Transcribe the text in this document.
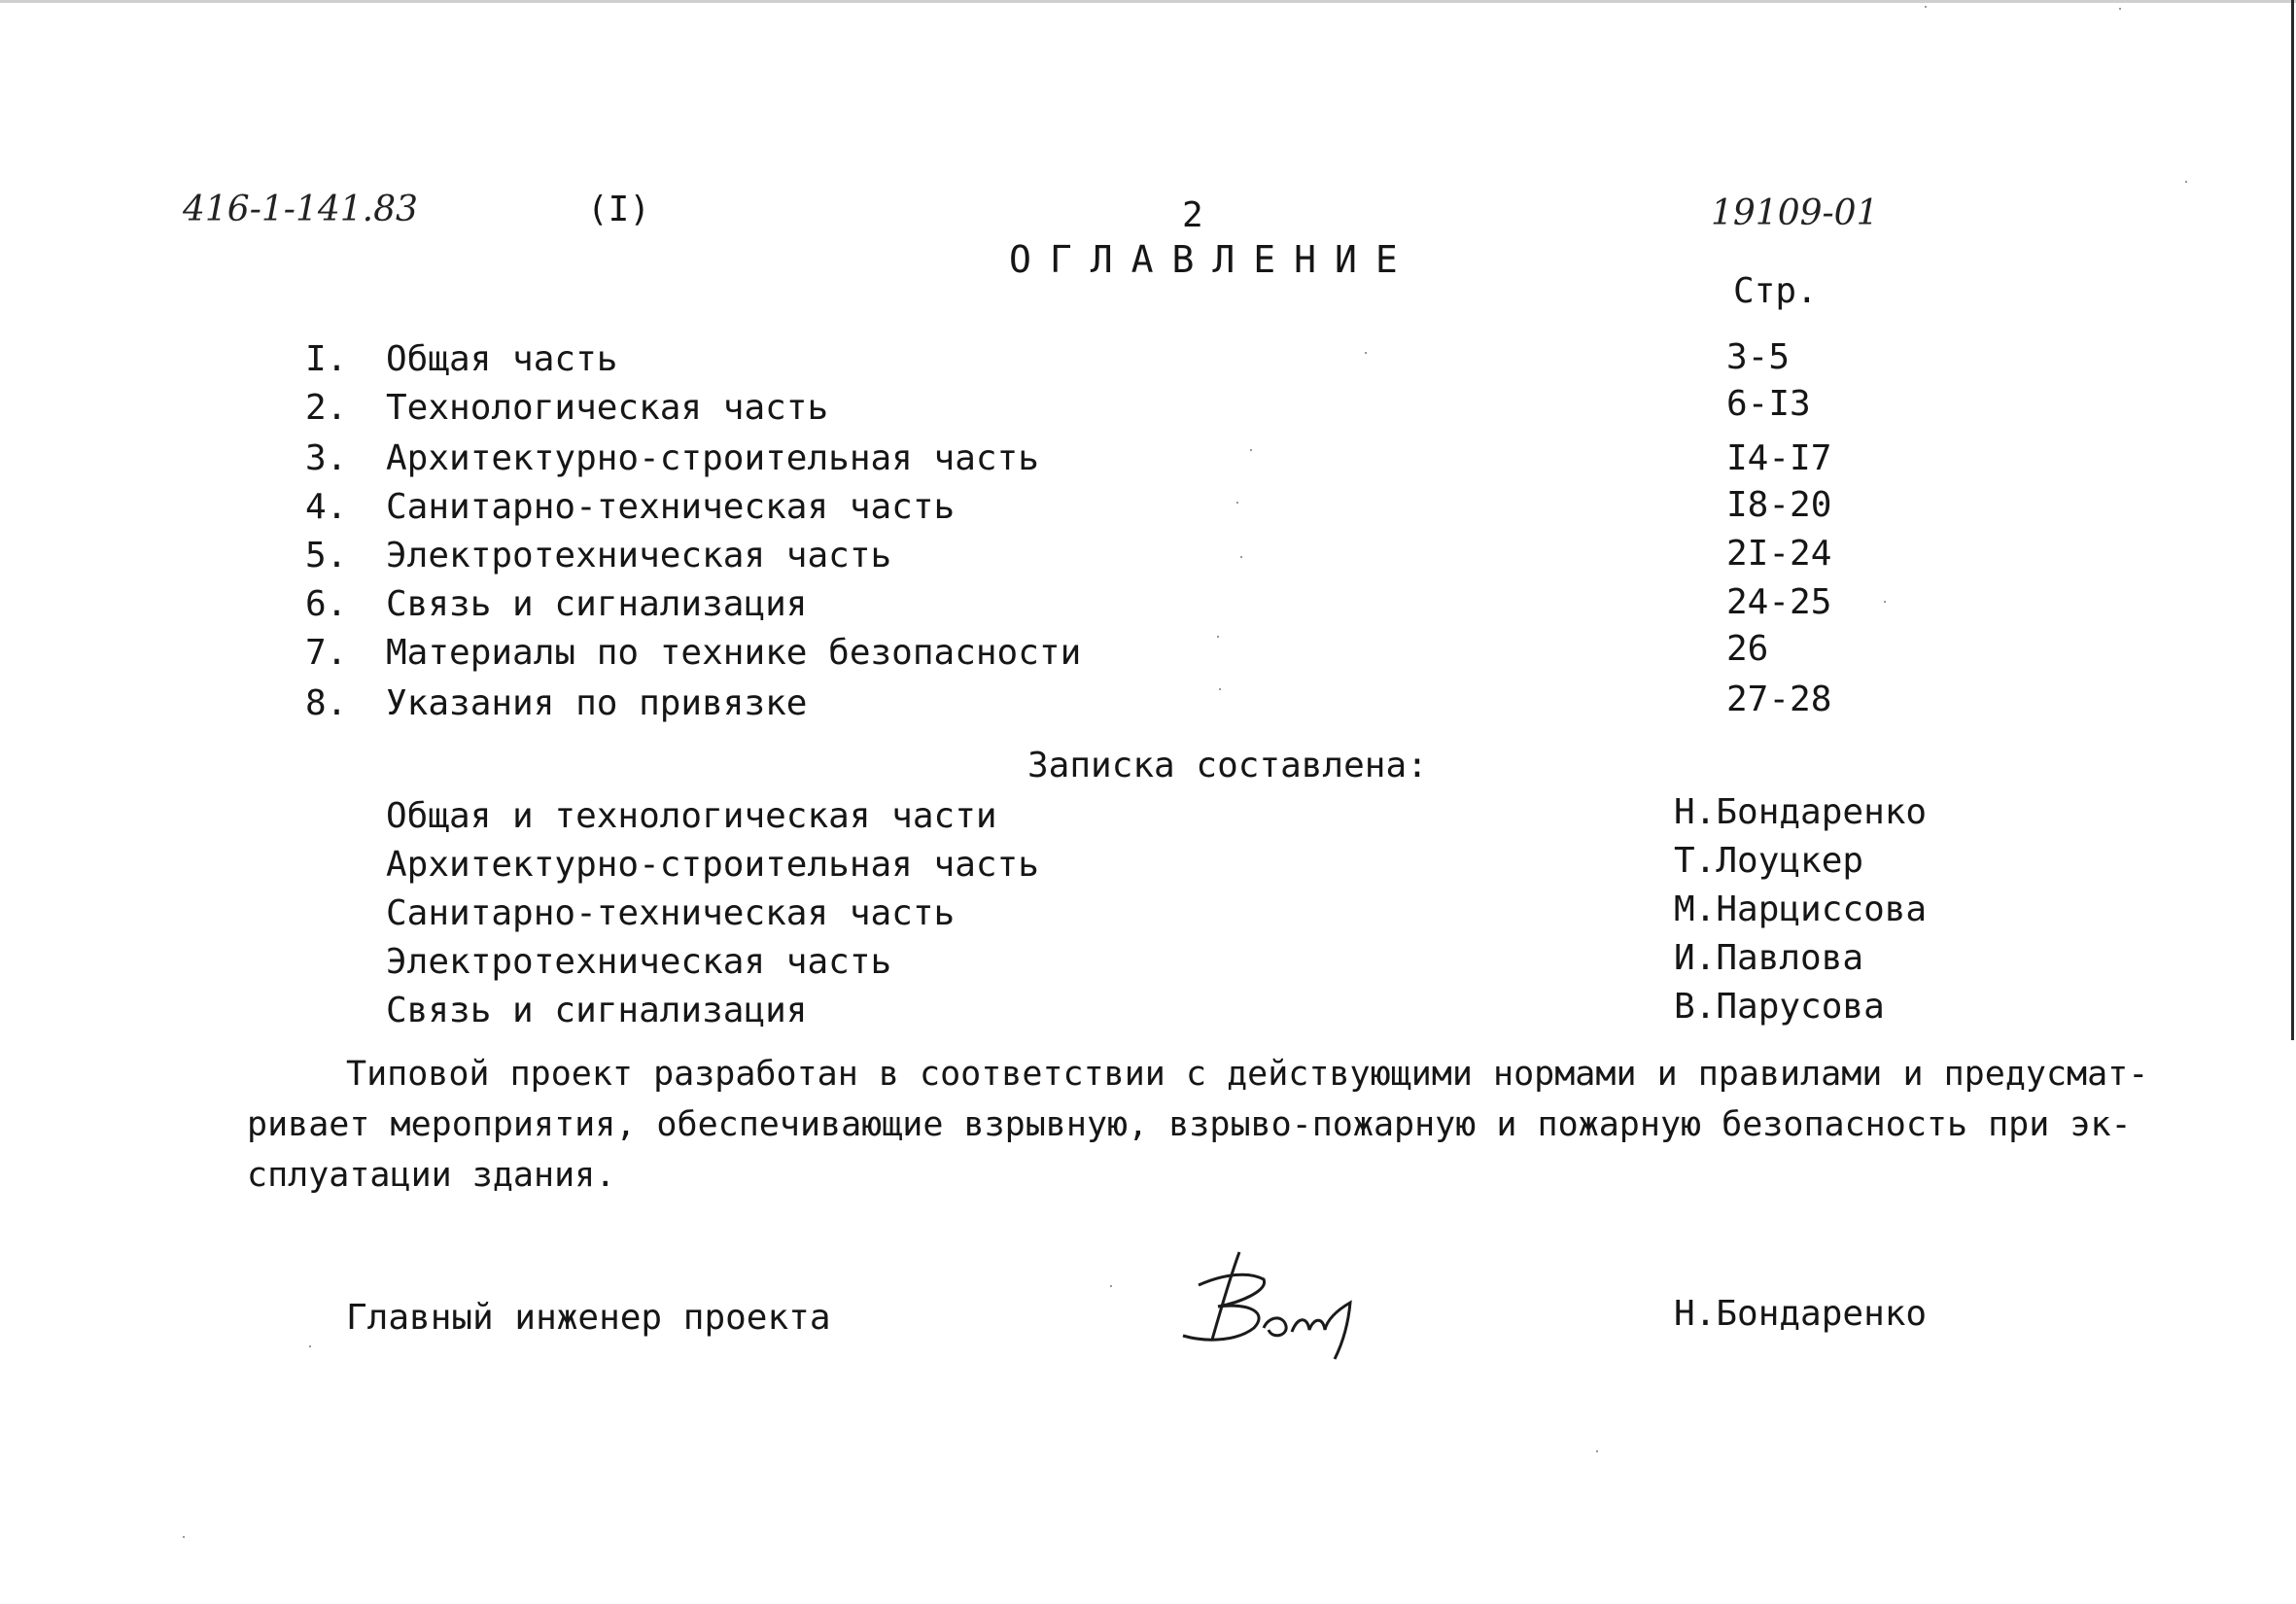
416-1-141.83	(I)	2	19109-01
ОГЛАВЛЕНИЕ
Стр.
I. Общая часть	3-5
2. Технологическая часть	6-I3
3. Архитектурно-строительная часть	I4-I7
4. Санитарно-техническая часть	I8-20
5. Электротехническая часть	2I-24
6. Связь и сигнализация	24-25
7. Материалы по технике безопасности	26
8. Указания по привязке	27-28
Записка составлена:
Общая и технологическая части	Н.Бондаренко
Архитектурно-строительная часть	Т.Лоуцкер
Санитарно-техническая часть	М.Нарциссова
Электротехническая часть	И.Павлова
Связь и сигнализация	В.Парусова
Типовой проект разработан в соответствии с действующими нормами и правилами и предусмат-
ривает мероприятия, обеспечивающие взрывную, взрыво-пожарную и пожарную безопасность при эк-
сплуатации здания.
Главный инженер проекта	Н.Бондаренко
